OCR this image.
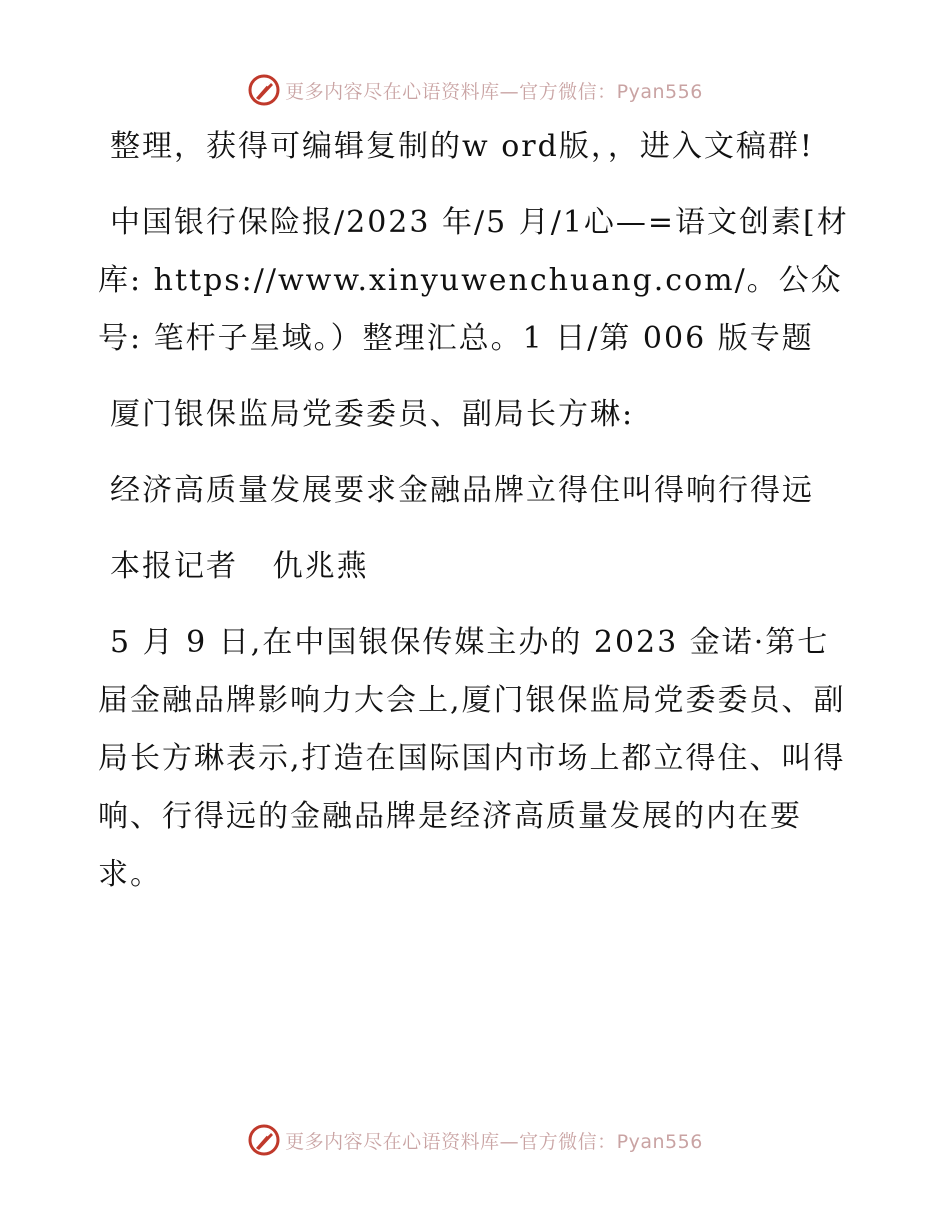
更多内容尽在心语资料库—官方微信：Pyan556

整理，获得可编辑复制的w ord版，，进入文稿群!

中国银行保险报/2023 年/5 月/1心—=语文创素[材库: https://www.xinyuwenchuang.com/。公众号: 笔杆子星域。）整理汇总。1 日/第 006 版专题

厦门银保监局党委委员、副局长方琳:

经济高质量发展要求金融品牌立得住叫得响行得远

本报记者   仇兆燕

5 月 9 日,在中国银保传媒主办的 2023 金诺·第七届金融品牌影响力大会上,厦门银保监局党委委员、副局长方琳表示,打造在国际国内市场上都立得住、叫得响、行得远的金融品牌是经济高质量发展的内在要求。

更多内容尽在心语资料库—官方微信：Pyan556
